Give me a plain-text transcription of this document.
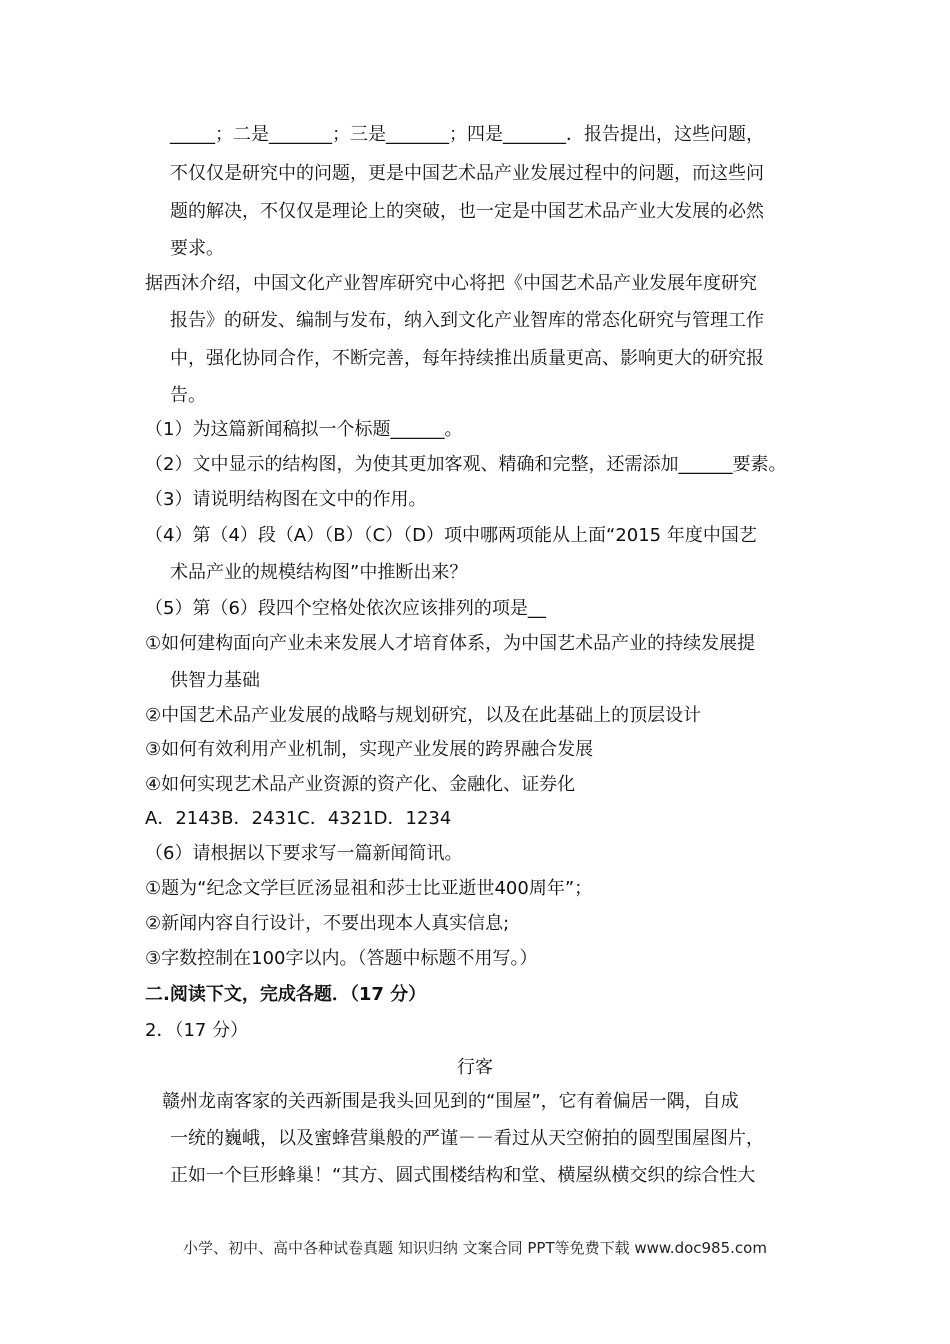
_____；二是_______；三是_______；四是_______．报告提出，这些问题，
不仅仅是研究中的问题，更是中国艺术品产业发展过程中的问题，而这些问
题的解决，不仅仅是理论上的突破，也一定是中国艺术品产业大发展的必然
要求。
据西沐介绍，中国文化产业智库研究中心将把《中国艺术品产业发展年度研究
报告》的研发、编制与发布，纳入到文化产业智库的常态化研究与管理工作
中，强化协同合作，不断完善，每年持续推出质量更高、影响更大的研究报
告。
（1）为这篇新闻稿拟一个标题______。
（2）文中显示的结构图，为使其更加客观、精确和完整，还需添加______要素。
（3）请说明结构图在文中的作用。
（4）第（4）段（A）（B）（C）（D）项中哪两项能从上面“2015 年度中国艺
术品产业的规模结构图”中推断出来？
（5）第（6）段四个空格处依次应该排列的项是__
①如何建构面向产业未来发展人才培育体系，为中国艺术品产业的持续发展提
供智力基础
②中国艺术品产业发展的战略与规划研究，以及在此基础上的顶层设计
③如何有效利用产业机制，实现产业发展的跨界融合发展
④如何实现艺术品产业资源的资产化、金融化、证券化
A．2143B．2431C．4321D．1234
（6）请根据以下要求写一篇新闻简讯。
①题为“纪念文学巨匠汤显祖和莎士比亚逝世400周年”；
②新闻内容自行设计，不要出现本人真实信息;
③字数控制在100字以内。（答题中标题不用写。）
二.阅读下文，完成各题．（17 分）
2．（17 分）
行客
赣州龙南客家的关西新围是我头回见到的“围屋”，它有着偏居一隅，自成
一统的巍峨，以及蜜蜂营巢般的严谨－－看过从天空俯拍的圆型围屋图片，
正如一个巨形蜂巢！“其方、圆式围楼结构和堂、横屋纵横交织的综合性大
小学、初中、高中各种试卷真题 知识归纳 文案合同 PPT等免费下载 www.doc985.com
